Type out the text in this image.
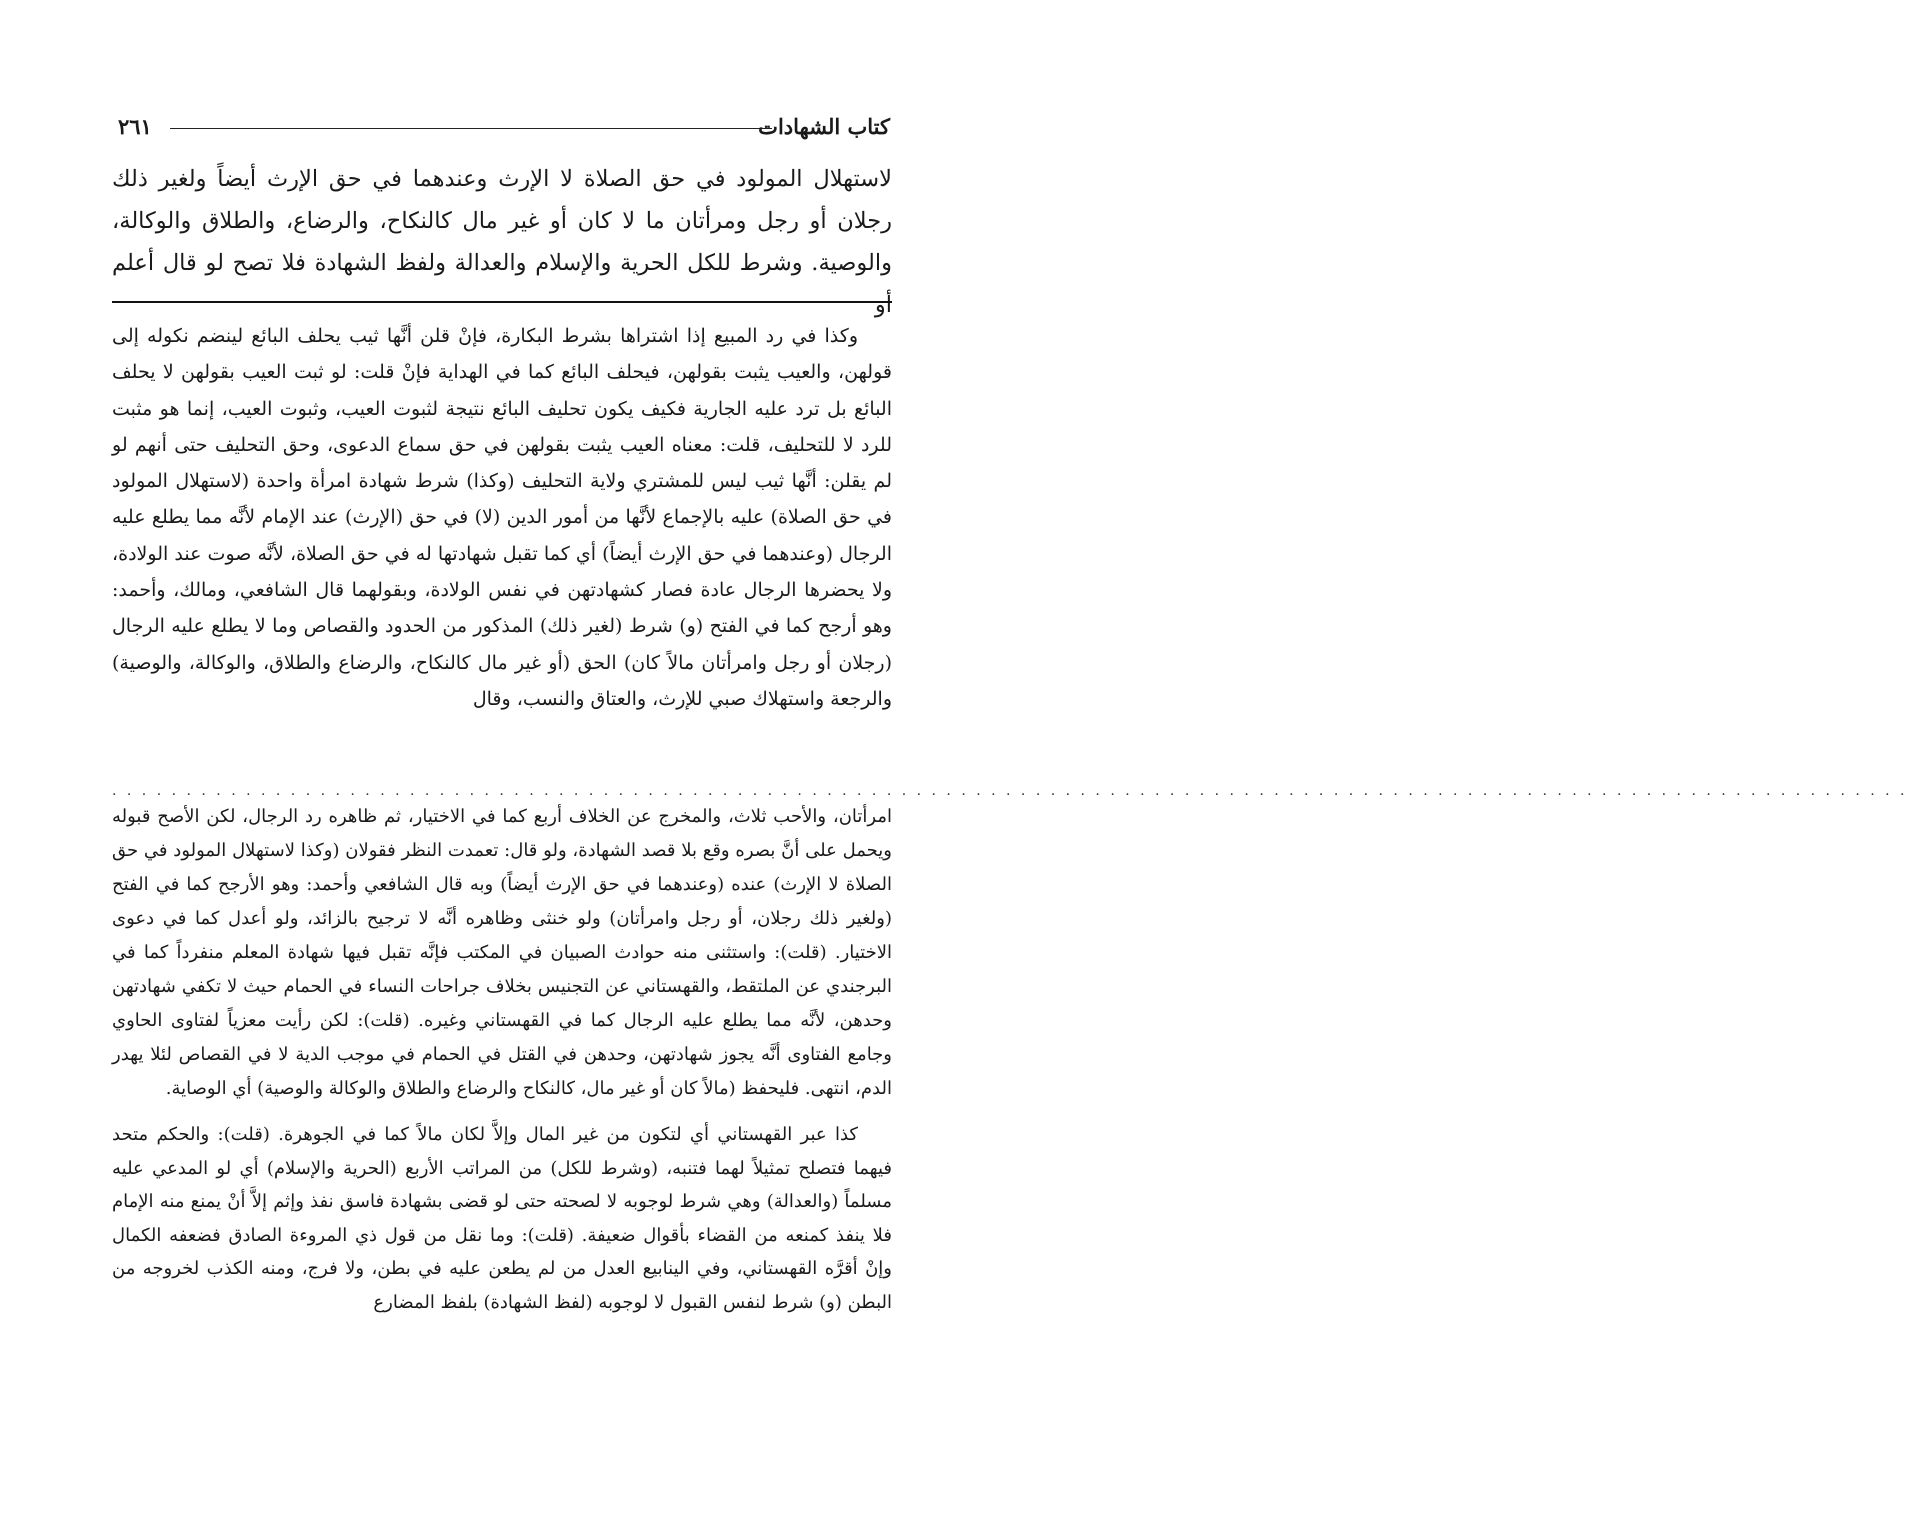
كتاب الشهادات
٢٦١

لاستهلال المولود في حق الصلاة لا الإرث وعندهما في حق الإرث أيضاً ولغير ذلك رجلان أو رجل ومرأتان ما لا كان أو غير مال كالنكاح، والرضاع، والطلاق والوكالة، والوصية. وشرط للكل الحرية والإسلام والعدالة ولفظ الشهادة فلا تصح لو قال أعلم أو

وكذا في رد المبيع إذا اشتراها بشرط البكارة، فإنْ قلن أنَّها ثيب يحلف البائع لينضم نكوله إلى قولهن، والعيب يثبت بقولهن، فيحلف البائع كما في الهداية فإنْ قلت: لو ثبت العيب بقولهن لا يحلف البائع بل ترد عليه الجارية فكيف يكون تحليف البائع نتيجة لثبوت العيب، وثبوت العيب، إنما هو مثبت للرد لا للتحليف، قلت: معناه العيب يثبت بقولهن في حق سماع الدعوى، وحق التحليف حتى أنهم لو لم يقلن: أنَّها ثيب ليس للمشتري ولاية التحليف (وكذا) شرط شهادة امرأة واحدة (لاستهلال المولود في حق الصلاة) عليه بالإجماع لأنَّها من أمور الدين (لا) في حق (الإرث) عند الإمام لأنَّه مما يطلع عليه الرجال (وعندهما في حق الإرث أيضاً) أي كما تقبل شهادتها له في حق الصلاة، لأنَّه صوت عند الولادة، ولا يحضرها الرجال عادة فصار كشهادتهن في نفس الولادة، وبقولهما قال الشافعي، ومالك، وأحمد: وهو أرجح كما في الفتح (و) شرط (لغير ذلك) المذكور من الحدود والقصاص وما لا يطلع عليه الرجال (رجلان أو رجل وامرأتان مالاً كان) الحق (أو غير مال كالنكاح، والرضاع والطلاق، والوكالة، والوصية) والرجعة واستهلاك صبي للإرث، والعتاق والنسب، وقال

. . . . . . . . . . . . . . . . . . . . . . . . . . . . . . . . . . . . . . . . . . . . . . . . . . . . . . . . . . . . . . . . . . . . . . . . . . . . . . . . . . . . . . . . . . . . . . . . . . . . . . . . . . . . . . . . . . . . . . . . .

امرأتان، والأحب ثلاث، والمخرج عن الخلاف أربع كما في الاختيار، ثم ظاهره رد الرجال، لكن الأصح قبوله ويحمل على أنَّ بصره وقع بلا قصد الشهادة، ولو قال: تعمدت النظر فقولان (وكذا لاستهلال المولود في حق الصلاة لا الإرث) عنده (وعندهما في حق الإرث أيضاً) وبه قال الشافعي وأحمد: وهو الأرجح كما في الفتح (ولغير ذلك رجلان، أو رجل وامرأتان) ولو خنثى وظاهره أنَّه لا ترجيح بالزائد، ولو أعدل كما في دعوى الاختيار. (قلت): واستثنى منه حوادث الصبيان في المكتب فإنَّه تقبل فيها شهادة المعلم منفرداً كما في البرجندي عن الملتقط، والقهستاني عن التجنيس بخلاف جراحات النساء في الحمام حيث لا تكفي شهادتهن وحدهن، لأنَّه مما يطلع عليه الرجال كما في القهستاني وغيره. (قلت): لكن رأيت معزياً لفتاوى الحاوي وجامع الفتاوى أنَّه يجوز شهادتهن، وحدهن في القتل في الحمام في موجب الدية لا في القصاص لئلا يهدر الدم، انتهى. فليحفظ (مالاً كان أو غير مال، كالنكاح والرضاع والطلاق والوكالة والوصية) أي الوصاية.

كذا عبر القهستاني أي لتكون من غير المال وإلاَّ لكان مالاً كما في الجوهرة. (قلت): والحكم متحد فيهما فتصلح تمثيلاً لهما فتنبه، (وشرط للكل) من المراتب الأربع (الحرية والإسلام) أي لو المدعي عليه مسلماً (والعدالة) وهي شرط لوجوبه لا لصحته حتى لو قضى بشهادة فاسق نفذ وإثم إلاَّ أنْ يمنع منه الإمام فلا ينفذ كمنعه من القضاء بأقوال ضعيفة. (قلت): وما نقل من قول ذي المروءة الصادق فضعفه الكمال وإنْ أقرَّه القهستاني، وفي الينابيع العدل من لم يطعن عليه في بطن، ولا فرج، ومنه الكذب لخروجه من البطن (و) شرط لنفس القبول لا لوجوبه (لفظ الشهادة) بلفظ المضارع
